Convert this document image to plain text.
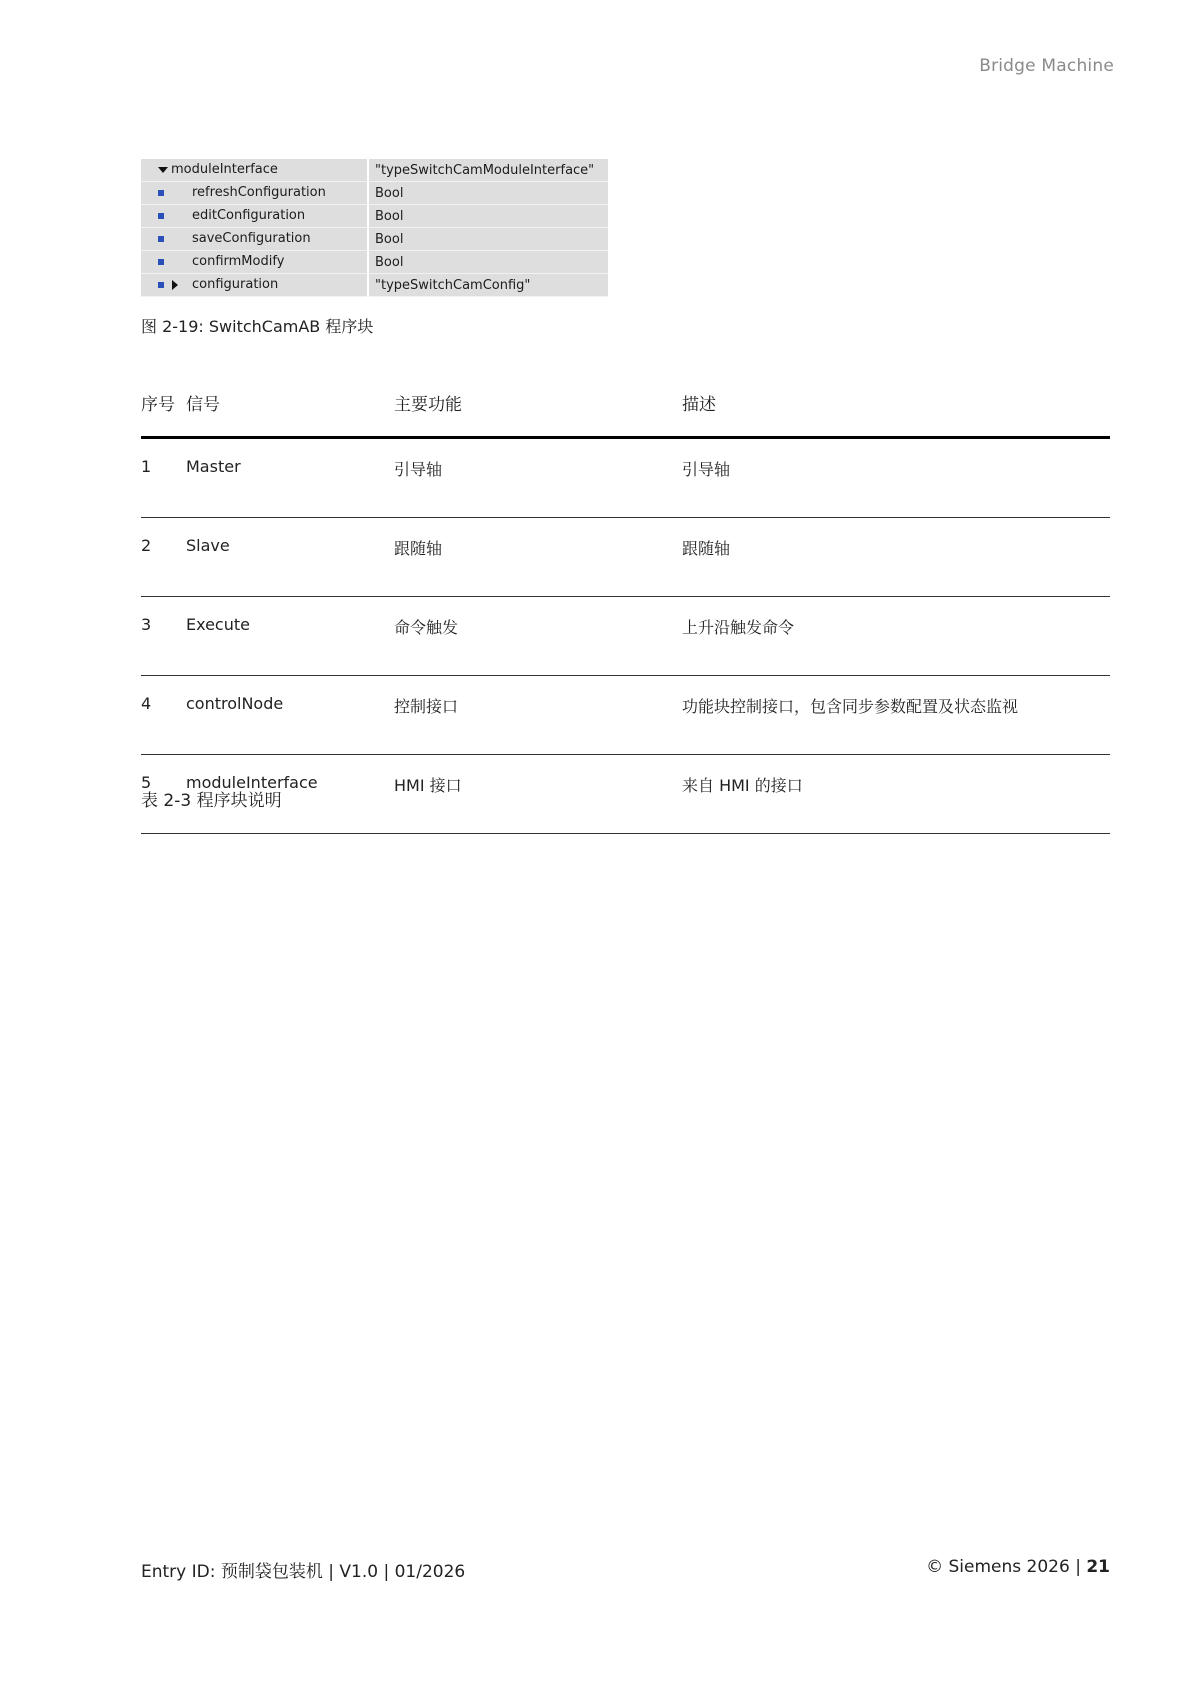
Bridge Machine
moduleInterface	"typeSwitchCamModuleInterface"

refreshConfiguration	Bool

editConfiguration	Bool

saveConfiguration	Bool

confirmModify	Bool

configuration	"typeSwitchCamConfig"
图 2-19: SwitchCamAB 程序块
序号	信号	主要功能	描述
1	Master	引导轴	引导轴
2	Slave	跟随轴	跟随轴
3	Execute	命令触发	上升沿触发命令
4	controlNode	控制接口	功能块控制接口，包含同步参数配置及状态监视
5	moduleInterface	HMI 接口	来自 HMI 的接口
表 2-3 程序块说明
Entry ID: 预制袋包装机 | V1.0 | 01/2026	© Siemens 2026 | 21
